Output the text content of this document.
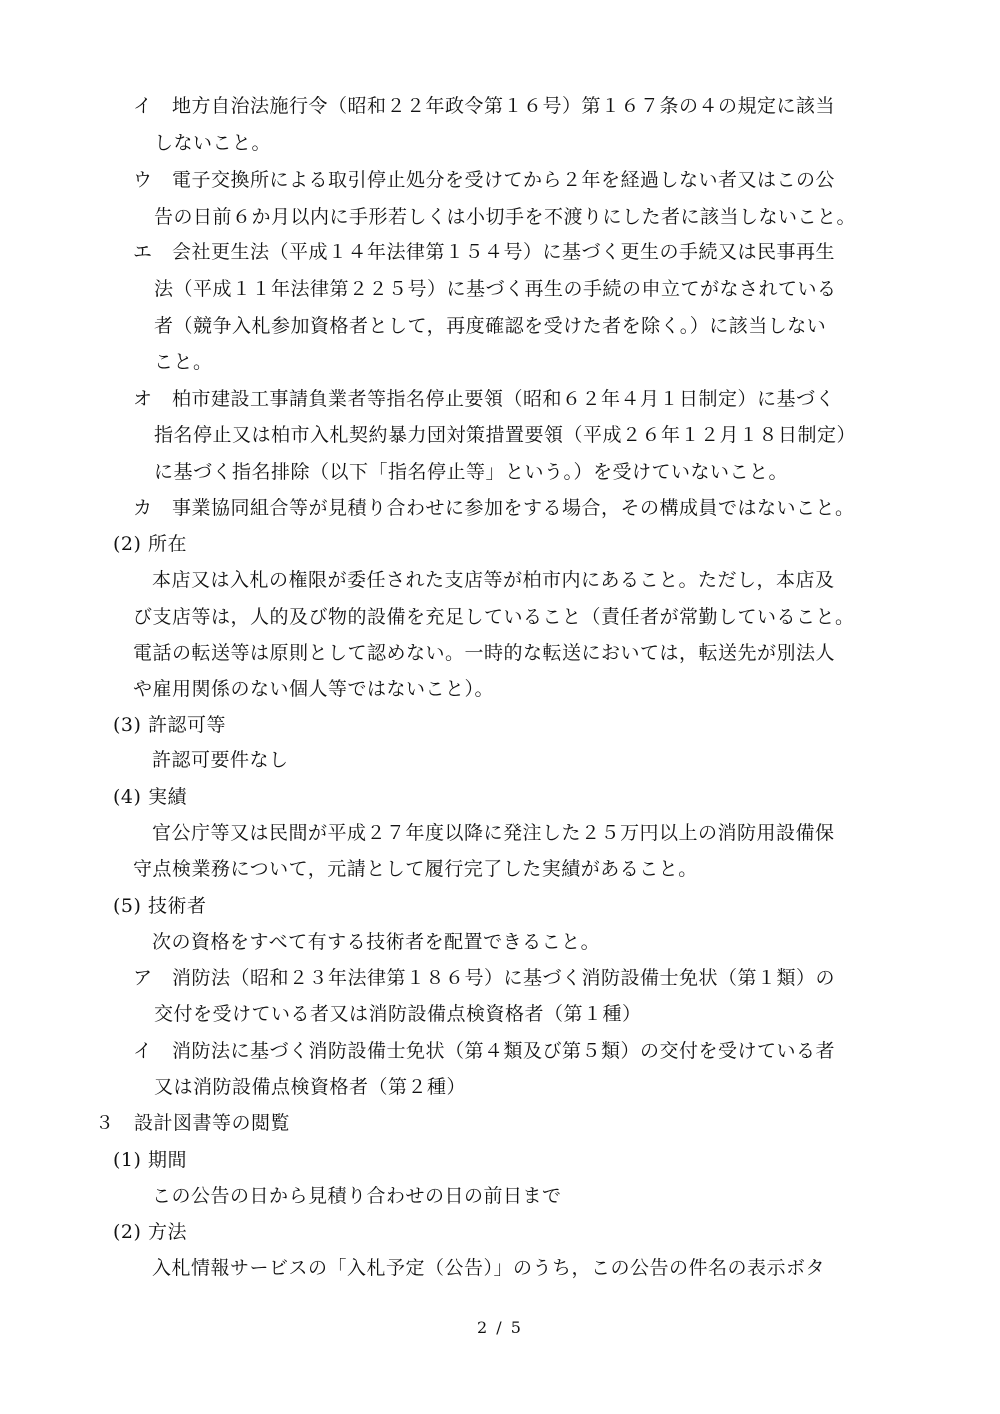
イ　地方自治法施行令（昭和２２年政令第１６号）第１６７条の４の規定に該当
しないこと。
ウ　電子交換所による取引停止処分を受けてから２年を経過しない者又はこの公
告の日前６か月以内に手形若しくは小切手を不渡りにした者に該当しないこと。
エ　会社更生法（平成１４年法律第１５４号）に基づく更生の手続又は民事再生
法（平成１１年法律第２２５号）に基づく再生の手続の申立てがなされている
者（競争入札参加資格者として，再度確認を受けた者を除く。）に該当しない
こと。
オ　柏市建設工事請負業者等指名停止要領（昭和６２年４月１日制定）に基づく
指名停止又は柏市入札契約暴力団対策措置要領（平成２６年１２月１８日制定）
に基づく指名排除（以下「指名停止等」という。）を受けていないこと。
カ　事業協同組合等が見積り合わせに参加をする場合，その構成員ではないこと。
(2) 所在
本店又は入札の権限が委任された支店等が柏市内にあること。ただし，本店及
び支店等は，人的及び物的設備を充足していること（責任者が常勤していること。
電話の転送等は原則として認めない。一時的な転送においては，転送先が別法人
や雇用関係のない個人等ではないこと）。
(3) 許認可等
許認可要件なし
(4) 実績
官公庁等又は民間が平成２７年度以降に発注した２５万円以上の消防用設備保
守点検業務について，元請として履行完了した実績があること。
(5) 技術者
次の資格をすべて有する技術者を配置できること。
ア　消防法（昭和２３年法律第１８６号）に基づく消防設備士免状（第１類）の
交付を受けている者又は消防設備点検資格者（第１種）
イ　消防法に基づく消防設備士免状（第４類及び第５類）の交付を受けている者
又は消防設備点検資格者（第２種）
３　設計図書等の閲覧
(1) 期間
この公告の日から見積り合わせの日の前日まで
(2) 方法
入札情報サービスの「入札予定（公告）」のうち，この公告の件名の表示ボタ
2 / 5
